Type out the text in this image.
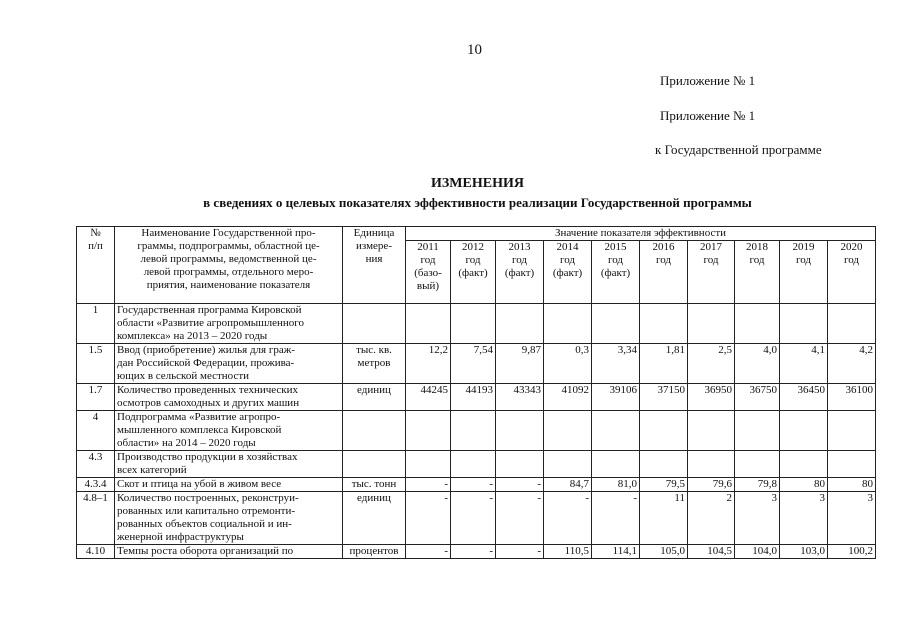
10
Приложение № 1
Приложение № 1
к Государственной программе
ИЗМЕНЕНИЯ
в сведениях о целевых показателях эффективности реализации Государственной программы
№
п/п	Наименование Государственной про-
граммы, подпрограммы, областной це-
левой программы, ведомственной це-
левой программы, отдельного меро-
приятия, наименование показателя	Единица
измере-
ния	Значение показателя эффективности									
			2011
год
(базо-
вый)	2012
год
(факт)	2013
год
(факт)	2014
год
(факт)	2015
год
(факт)	2016
год	2017
год	2018
год	2019
год	2020
год
1	Государственная программа Кировской
области «Развитие агропромышленного
комплекса» на 2013 – 2020 годы											
1.5	Ввод (приобретение) жилья для граж-
дан Российской Федерации, прожива-
ющих в сельской местности	тыс. кв.
метров	12,2	7,54	9,87	0,3	3,34	1,81	2,5	4,0	4,1	4,2
1.7	Количество проведенных технических
осмотров самоходных и других машин	единиц	44245	44193	43343	41092	39106	37150	36950	36750	36450	36100
4	Подпрограмма «Развитие агропро-
мышленного комплекса Кировской
области» на 2014 – 2020 годы											
4.3	Производство продукции в хозяйствах
всех категорий											
4.3.4	Скот и птица на убой в живом весе	тыс. тонн	-	-	-	84,7	81,0	79,5	79,6	79,8	80	80
4.8–1	Количество построенных, реконструи-
рованных или капитально отремонти-
рованных объектов социальной и ин-
женерной инфраструктуры	единиц	-	-	-	-	-	11	2	3	3	3
4.10	Темпы роста оборота организаций по	процентов	-	-	-	110,5	114,1	105,0	104,5	104,0	103,0	100,2
